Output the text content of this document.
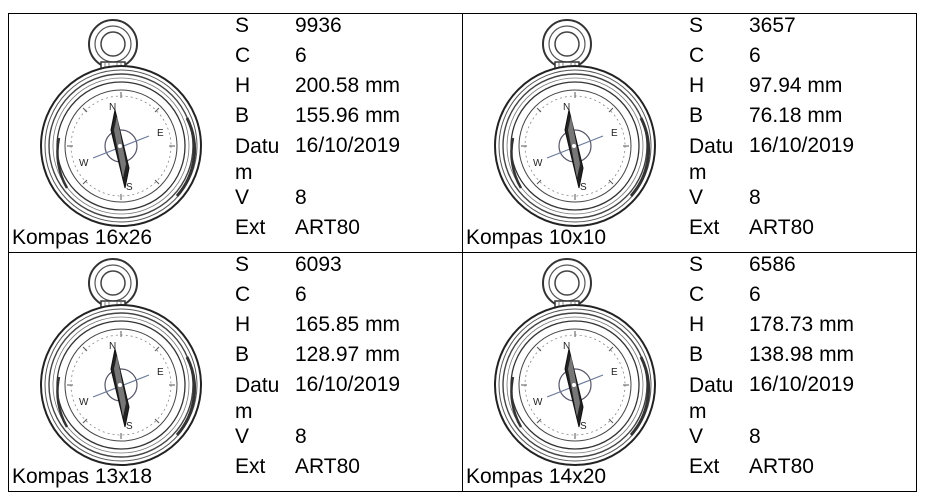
N
E
S
W
S	9936
C	6
H	200.58 mm
B	155.96 mm
Datu m	16/10/2019
V	8
Ext	ART80
Kompas 16x26
N
E
S
W
S	3657
C	6
H	97.94 mm
B	76.18 mm
Datu m	16/10/2019
V	8
Ext	ART80
Kompas 10x10
N
E
S
W
S	6093
C	6
H	165.85 mm
B	128.97 mm
Datu m	16/10/2019
V	8
Ext	ART80
Kompas 13x18
N
E
S
W
S	6586
C	6
H	178.73 mm
B	138.98 mm
Datu m	16/10/2019
V	8
Ext	ART80
Kompas 14x20
